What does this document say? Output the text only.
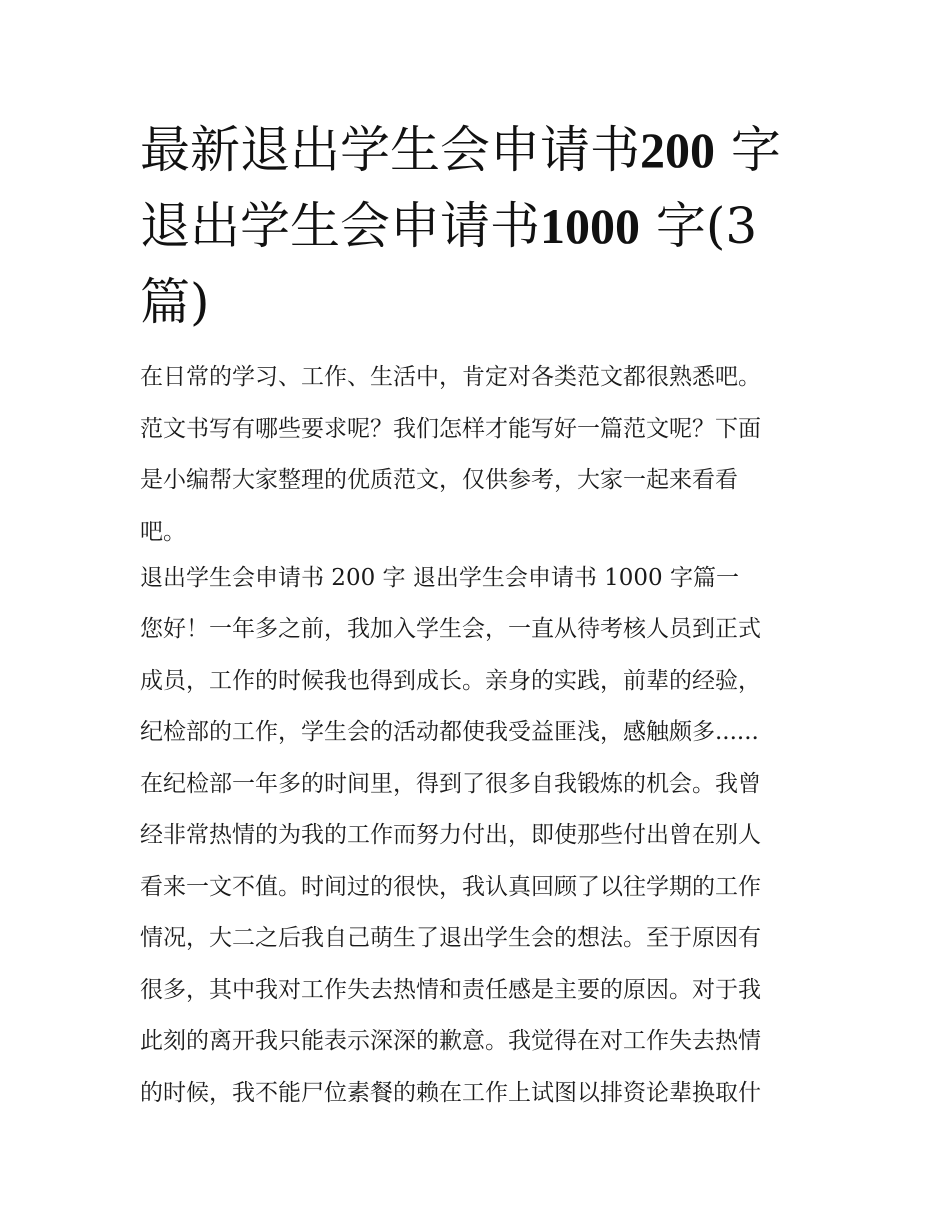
最新退出学生会申请书200 字
退出学生会申请书1000 字(3
篇)
在日常的学习、工作、生活中，肯定对各类范文都很熟悉吧。
范文书写有哪些要求呢？我们怎样才能写好一篇范文呢？下面
是小编帮大家整理的优质范文，仅供参考，大家一起来看看
吧。
退出学生会申请书 200 字 退出学生会申请书 1000 字篇一
您好！一年多之前，我加入学生会，一直从待考核人员到正式
成员，工作的时候我也得到成长。亲身的实践，前辈的经验，
纪检部的工作，学生会的活动都使我受益匪浅，感触颇多......
在纪检部一年多的时间里，得到了很多自我锻炼的机会。我曾
经非常热情的为我的工作而努力付出，即使那些付出曾在别人
看来一文不值。时间过的很快，我认真回顾了以往学期的工作
情况，大二之后我自己萌生了退出学生会的想法。至于原因有
很多，其中我对工作失去热情和责任感是主要的原因。对于我
此刻的离开我只能表示深深的歉意。我觉得在对工作失去热情
的时候，我不能尸位素餐的赖在工作上试图以排资论辈换取什
